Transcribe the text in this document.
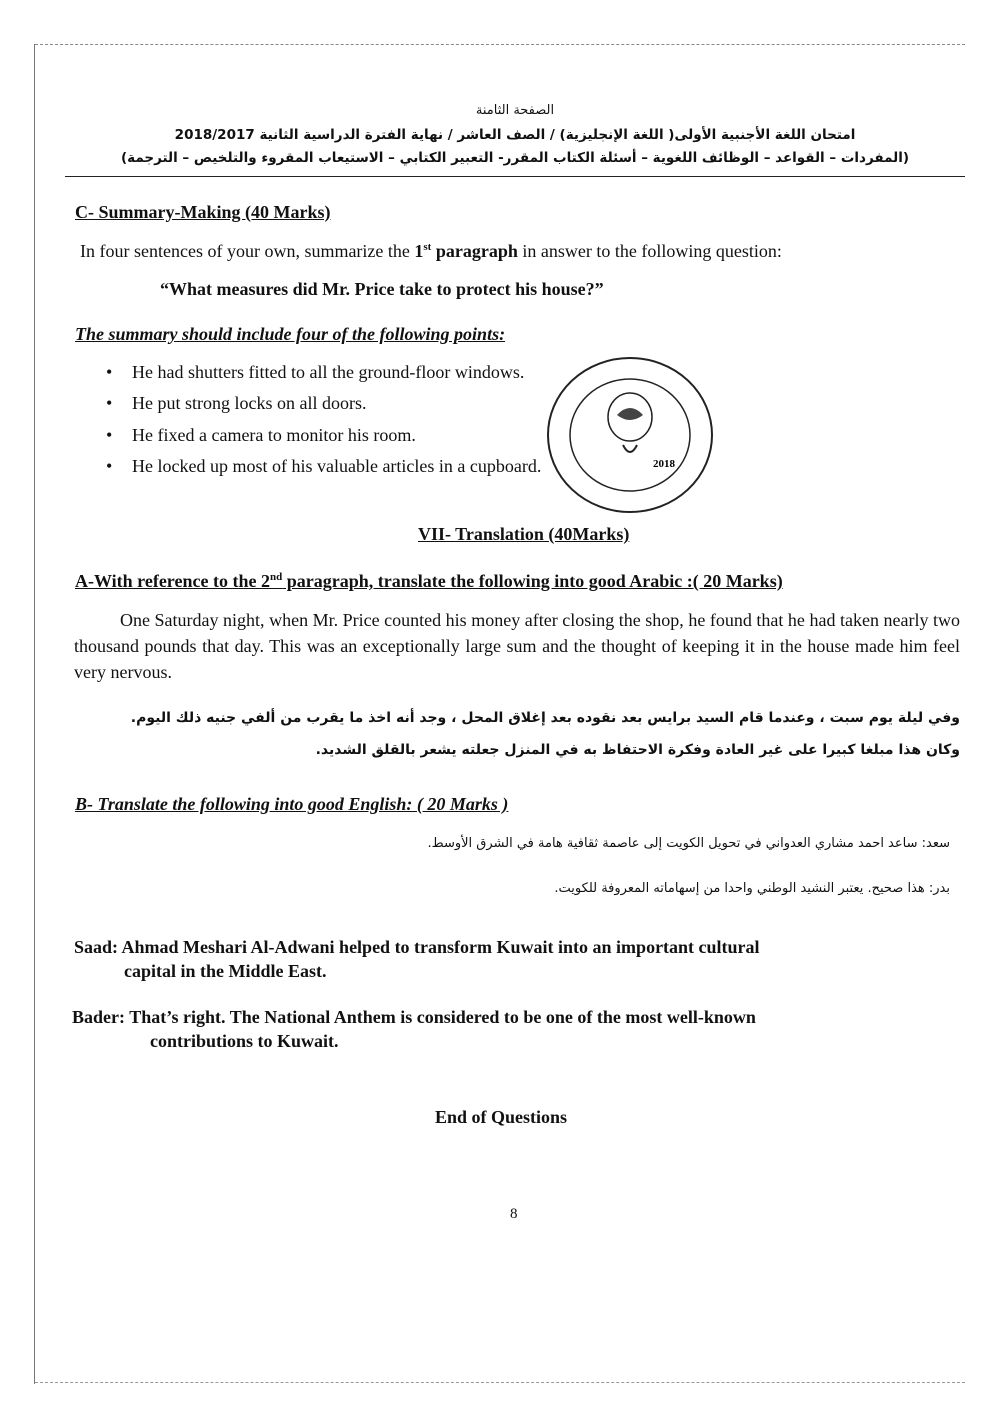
الصفحة الثامنة
امتحان اللغة الأجنبية الأولى( اللغة الإنجليزية) / الصف العاشر / نهاية الفترة الدراسية الثانية 2018/2017
(المفردات – القواعد – الوظائف اللغوية – أسئلة الكتاب المقرر- التعبير الكتابي – الاستيعاب المقروء والتلخيص – الترجمة)
C- Summary-Making (40 Marks)
In four sentences of your own, summarize the 1st paragraph in answer to the following question:
“What measures did Mr. Price take to protect his house?”
The summary should include four of the following points:
• He had shutters fitted to all the ground-floor windows.
• He put strong locks on all doors.
• He fixed a camera to monitor his room.
• He locked up most of his valuable articles in a cupboard.	2018
VII- Translation (40Marks)
A-With reference to the 2nd paragraph, translate the following into good Arabic :( 20 Marks)
One Saturday night, when Mr. Price counted his money after closing the shop, he found that he had taken nearly two thousand pounds that day. This was an exceptionally large sum and the thought of keeping it in the house made him feel very nervous.
وفي ليلة يوم سبت ، وعندما قام السيد برايس بعد نقوده بعد إغلاق المحل ، وجد أنه اخذ ما يقرب من ألفي جنيه ذلك اليوم.
وكان هذا مبلغا كبيرا على غير العادة وفكرة الاحتفاظ به في المنزل جعلته يشعر بالقلق الشديد.
B- Translate the following into good English: ( 20 Marks )
سعد: ساعد احمد مشاري العدواني في تحويل الكويت إلى عاصمة ثقافية هامة في الشرق الأوسط.
بدر: هذا صحيح. يعتبر النشيد الوطني واحدا من إسهاماته المعروفة للكويت.
Saad: Ahmad Meshari Al-Adwani helped to transform Kuwait into an important cultural
capital in the Middle East.
Bader: That’s right. The National Anthem is considered to be one of the most well-known
contributions to Kuwait.
End of Questions
8
